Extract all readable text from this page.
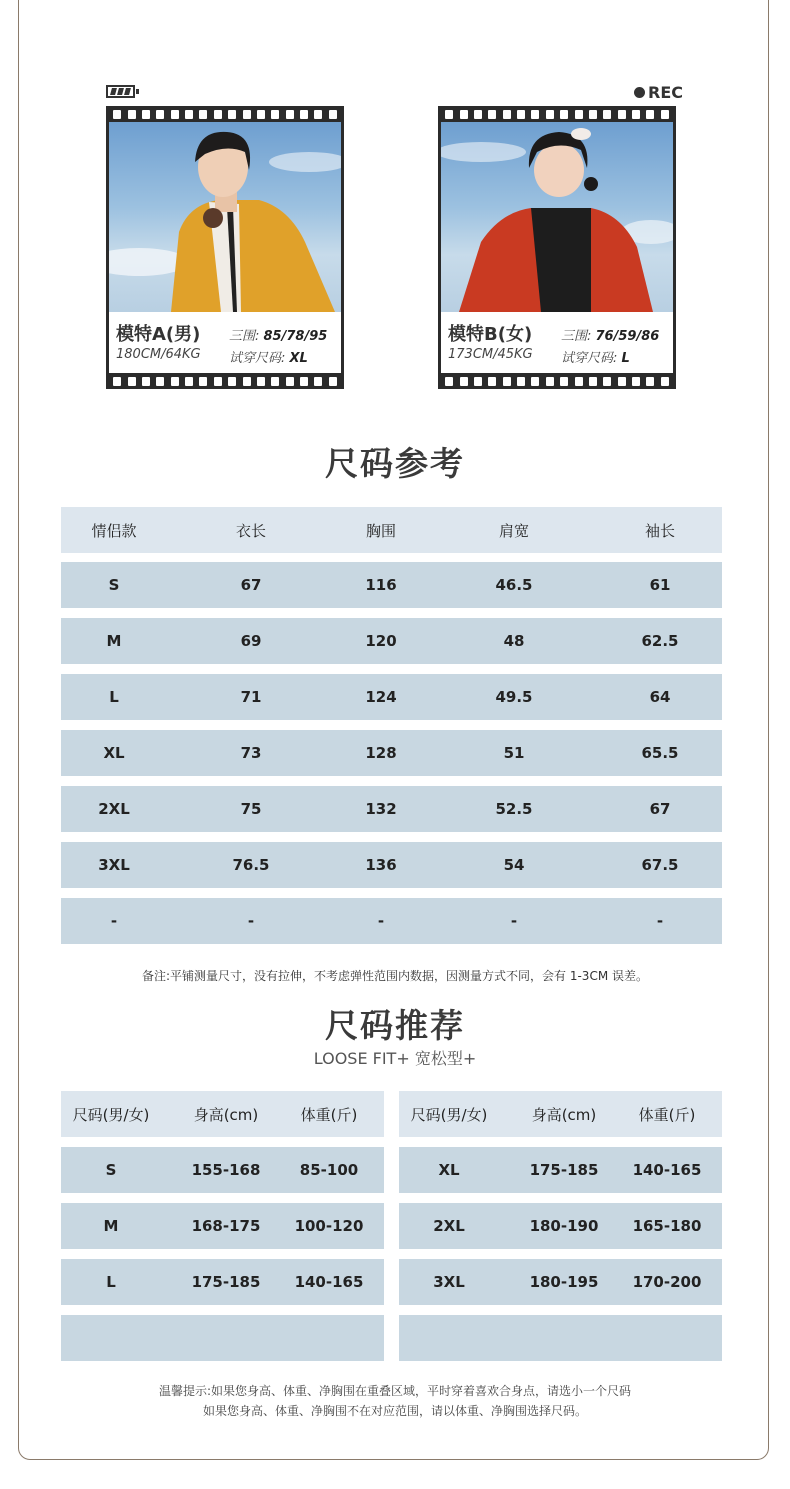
REC
模特A(男)
180CM/64KG
三围: 85/78/95
试穿尺码: XL
模特B(女)
173CM/45KG
三围: 76/59/86
试穿尺码: L
尺码参考
情侣款	衣长	胸围	肩宽	袖长
S	67	116	46.5	61
M	69	120	48	62.5
L	71	124	49.5	64
XL	73	128	51	65.5
2XL	75	132	52.5	67
3XL	76.5	136	54	67.5
-	-	-	-	-
备注:平铺测量尺寸，没有拉伸，不考虑弹性范围内数据，因测量方式不同，会有 1-3CM 误差。
尺码推荐
LOOSE FIT+ 宽松型+
尺码(男/女)	身高(cm)	体重(斤)
S	155-168	85-100
M	168-175	100-120
L	175-185	140-165
尺码(男/女)	身高(cm)	体重(斤)
XL	175-185	140-165
2XL	180-190	165-180
3XL	180-195	170-200
温馨提示:如果您身高、体重、净胸围在重叠区域，平时穿着喜欢合身点，请选小一个尺码
如果您身高、体重、净胸围不在对应范围，请以体重、净胸围选择尺码。
